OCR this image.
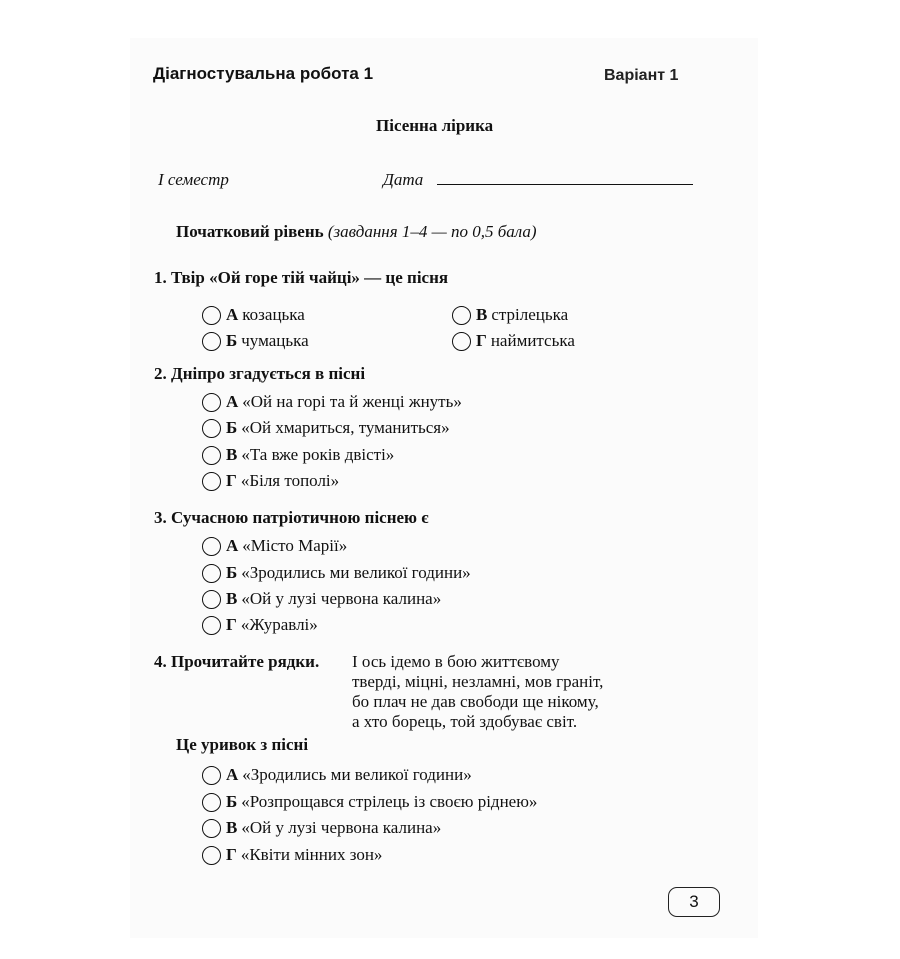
Діагностувальна робота 1	Варіант 1
Пісенна лірика
І семестр	Дата
Початковий рівень (завдання 1–4 — по 0,5 бала)
1. Твір «Ой горе тій чайці» — це пісня
А козацька
Б чумацька
В стрілецька
Г наймитська
2. Дніпро згадується в пісні
А «Ой на горі та й женці жнуть»
Б «Ой хмариться, туманиться»
В «Та вже років двісті»
Г «Біля тополі»
3. Сучасною патріотичною піснею є
А «Місто Марії»
Б «Зродились ми великої години»
В «Ой у лузі червона калина»
Г «Журавлі»
4. Прочитайте рядки. І ось ідемо в бою життєвому
тверді, міцні, незламні, мов граніт,
бо плач не дав свободи ще нікому,
а хто борець, той здобуває світ.
Це уривок з пісні
А «Зродились ми великої години»
Б «Розпрощався стрілець із своєю ріднею»
В «Ой у лузі червона калина»
Г «Квіти мінних зон»
3
